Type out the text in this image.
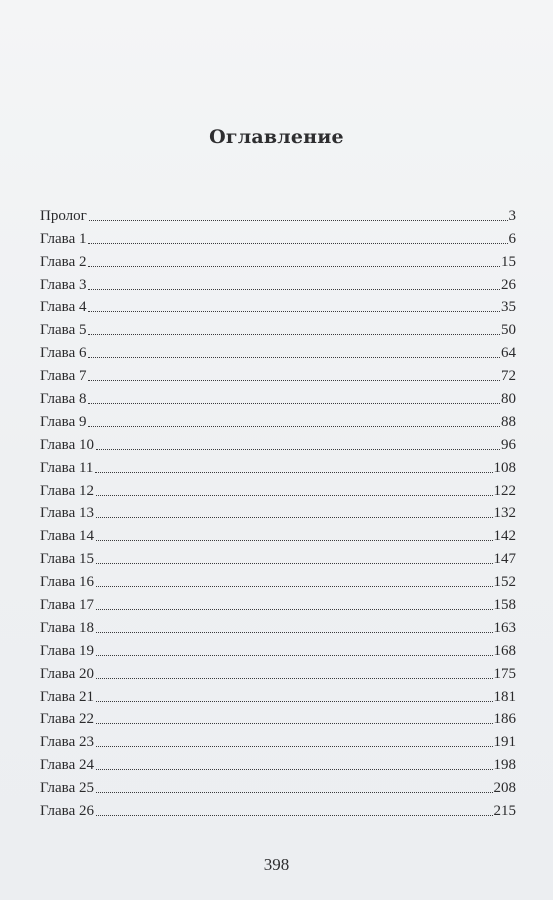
Оглавление
Пролог	3
Глава 1	6
Глава 2	15
Глава 3	26
Глава 4	35
Глава 5	50
Глава 6	64
Глава 7	72
Глава 8	80
Глава 9	88
Глава 10	96
Глава 11	108
Глава 12	122
Глава 13	132
Глава 14	142
Глава 15	147
Глава 16	152
Глава 17	158
Глава 18	163
Глава 19	168
Глава 20	175
Глава 21	181
Глава 22	186
Глава 23	191
Глава 24	198
Глава 25	208
Глава 26	215
398
